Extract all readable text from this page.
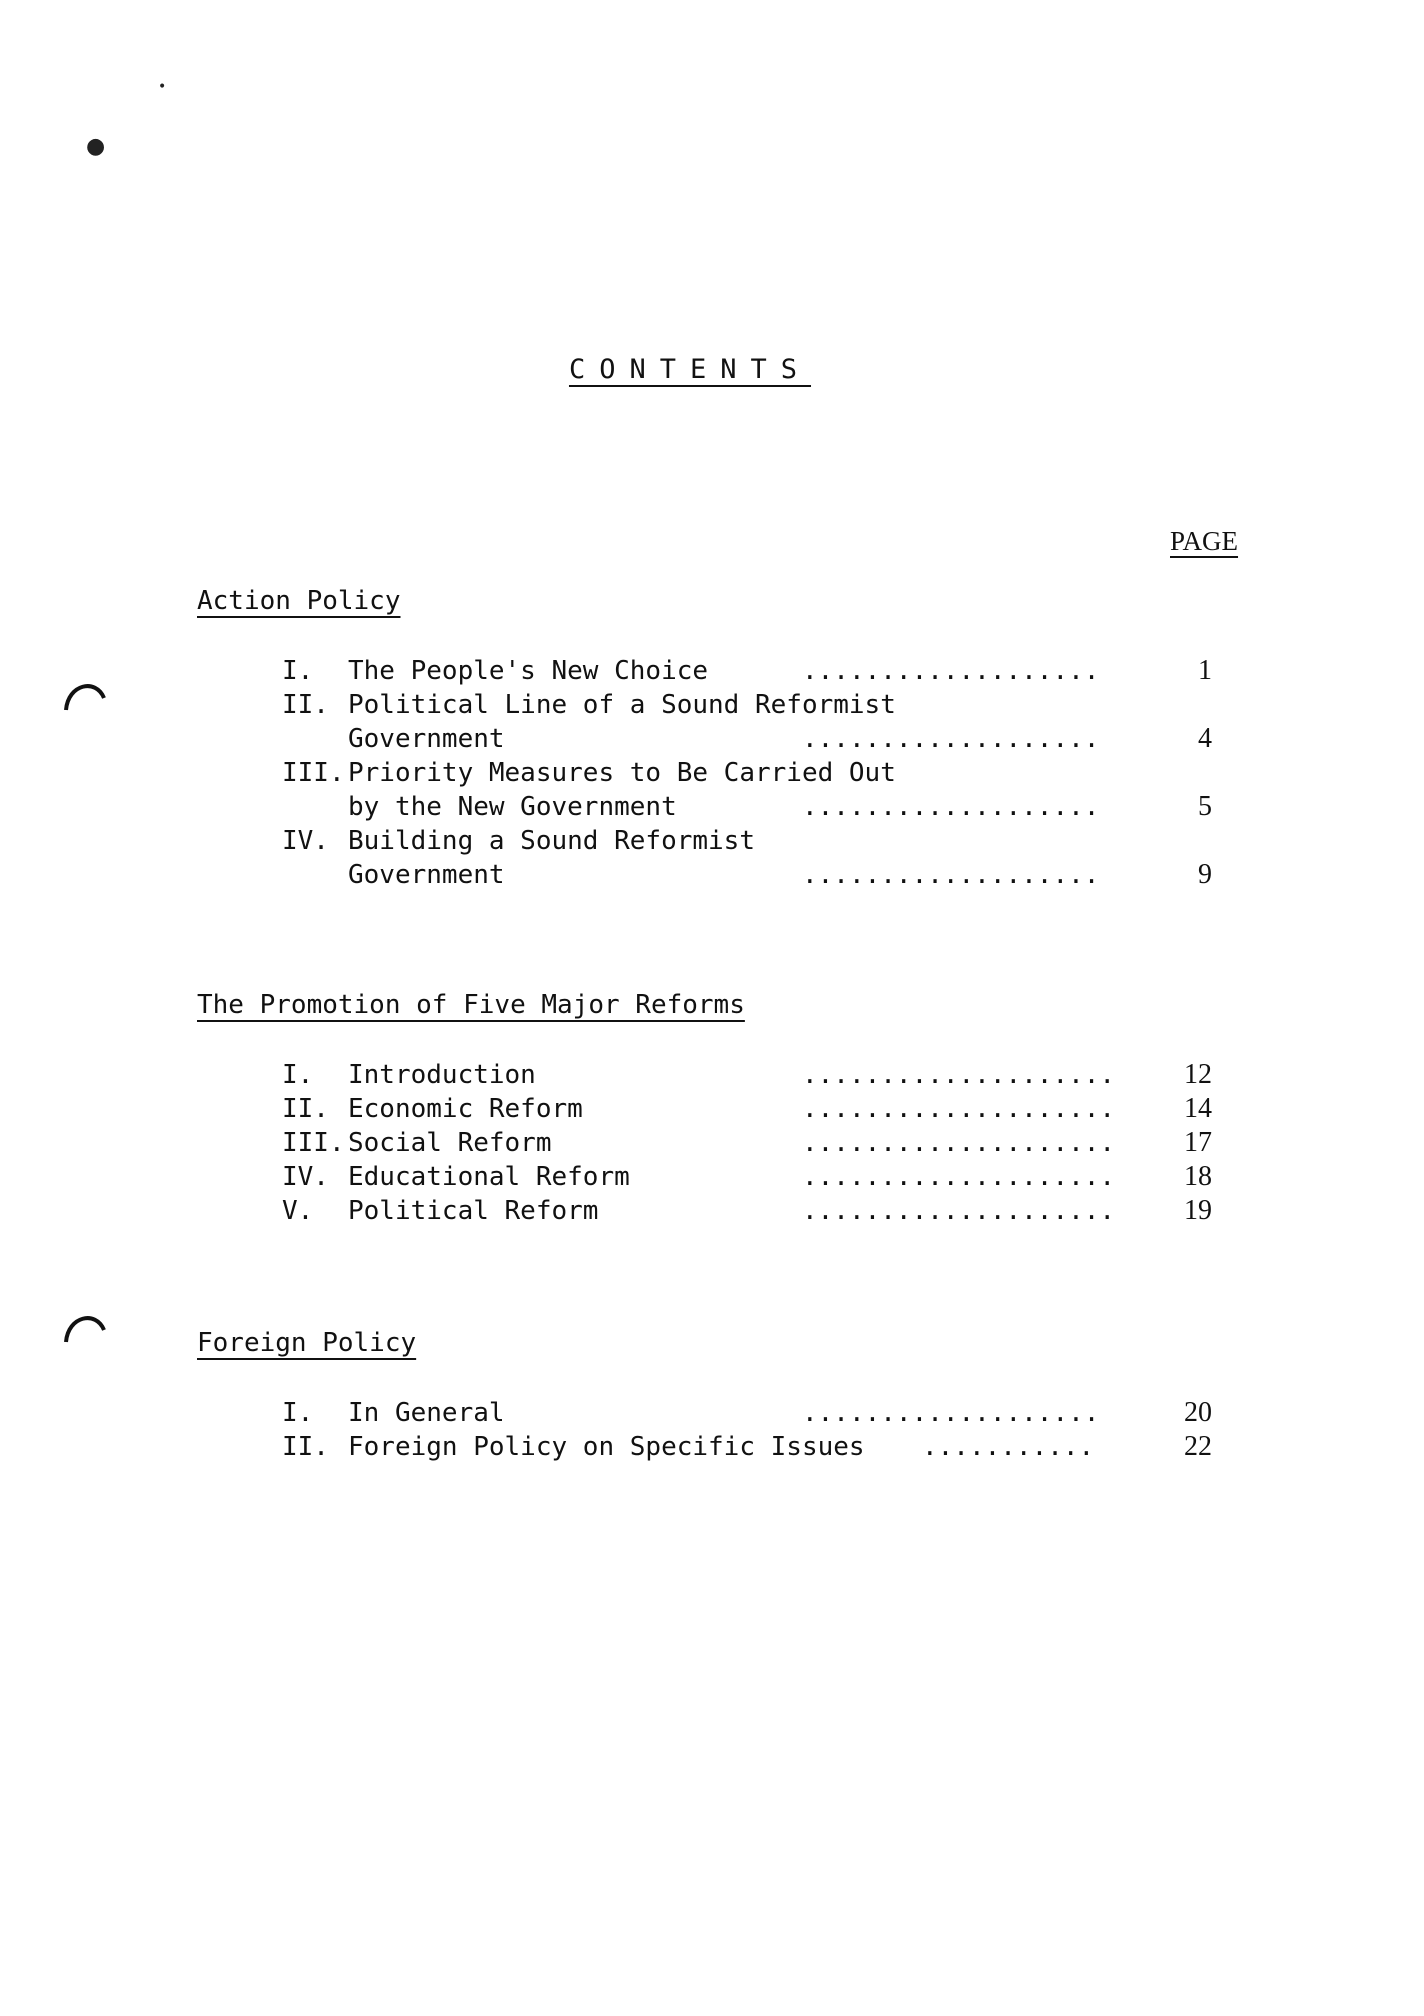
•
●
CONTENTS
PAGE
Action Policy
I. The People's New Choice	...................	1
II. Political Line of a Sound Reformist
Government	...................	4
III. Priority Measures to Be Carried Out
by the New Government	...................	5
IV. Building a Sound Reformist
Government	...................	9
The Promotion of Five Major Reforms
I. Introduction	....................	12
II. Economic Reform	....................	14
III. Social Reform	....................	17
IV. Educational Reform	....................	18
V. Political Reform	....................	19
Foreign Policy
I. In General	...................	20
II. Foreign Policy on Specific Issues ...........	22
